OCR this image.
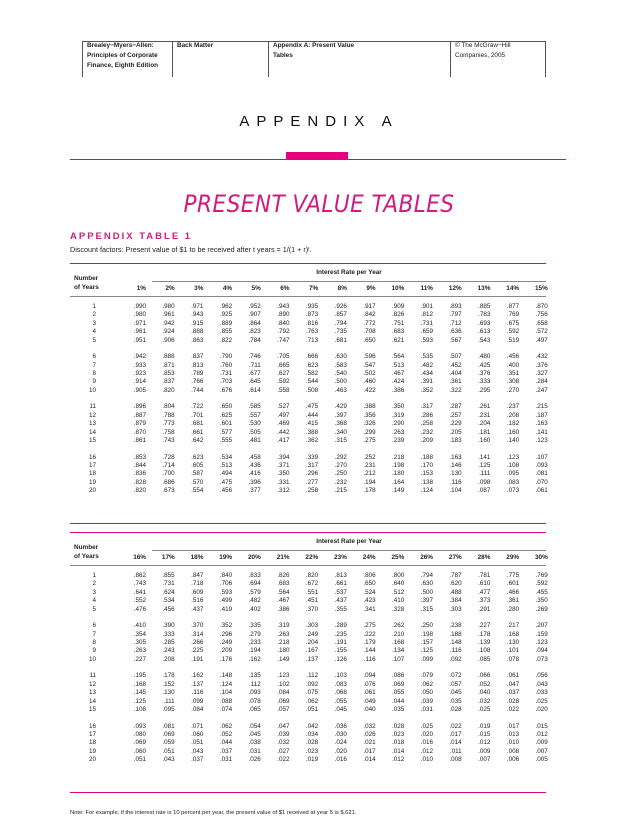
Brealey−Myers−Allen:
Principles of Corporate
Finance, Eighth Edition
Back Matter	Appendix A: Present Value
Tables
© The McGraw−Hill
Companies, 2005
APPENDIX A
PRESENT VALUE TABLES
APPENDIX TABLE 1
Discount factors: Present value of $1 to be received after t years = 1/(1 + r)ᵗ.
Number
of Years
Interest Rate per Year
1%	2%	3%	4%	5%	6%	7%	8%	9%	10%	11%	12%	13%	14%	15%
1	.990	.980	.971	.962	.952	.943	.935	.926	.917	.909	.901	.893	.885	.877	.870
2	.980	.961	.943	.925	.907	.890	.873	.857	.842	.826	.812	.797	.783	.769	.756
3	.971	.942	.915	.889	.864	.840	.816	.794	.772	.751	.731	.712	.693	.675	.658
4	.961	.924	.888	.855	.823	.792	.763	.735	.708	.683	.659	.636	.613	.592	.572
5	.951	.906	.863	.822	.784	.747	.713	.681	.650	.621	.593	.567	.543	.519	.497
6	.942	.888	.837	.790	.746	.705	.666	.630	.596	.564	.535	.507	.480	.456	.432
7	.933	.871	.813	.760	.711	.665	.623	.583	.547	.513	.482	.452	.425	.400	.376
8	.923	.853	.789	.731	.677	.627	.582	.540	.502	.467	.434	.404	.376	.351	.327
9	.914	.837	.766	.703	.645	.592	.544	.500	.460	.424	.391	.361	.333	.308	.284
10	.905	.820	.744	.676	.614	.558	.508	.463	.422	.386	.352	.322	.295	.270	.247
11	.896	.804	.722	.650	.585	.527	.475	.429	.388	.350	.317	.287	.261	.237	.215
12	.887	.788	.701	.625	.557	.497	.444	.397	.356	.319	.286	.257	.231	.208	.187
13	.879	.773	.681	.601	.530	.469	.415	.368	.326	.290	.258	.229	.204	.182	.163
14	.870	.758	.661	.577	.505	.442	.388	.340	.299	.263	.232	.205	.181	.160	.141
15	.861	.743	.642	.555	.481	.417	.362	.315	.275	.239	.209	.183	.160	.140	.123
16	.853	.728	.623	.534	.458	.394	.339	.292	.252	.218	.188	.163	.141	.123	.107
17	.844	.714	.605	.513	.436	.371	.317	.270	.231	.198	.170	.146	.125	.108	.093
18	.836	.700	.587	.494	.416	.350	.296	.250	.212	.180	.153	.130	.111	.095	.081
19	.828	.686	.570	.475	.396	.331	.277	.232	.194	.164	.138	.116	.098	.083	.070
20	.820	.673	.554	.456	.377	.312	.258	.215	.178	.149	.124	.104	.087	.073	.061
Number
of Years
Interest Rate per Year
16%	17%	18%	19%	20%	21%	22%	23%	24%	25%	26%	27%	28%	29%	30%
1	.862	.855	.847	.840	.833	.826	.820	.813	.806	.800	.794	.787	.781	.775	.769
2	.743	.731	.718	.706	.694	.683	.672	.661	.650	.640	.630	.620	.610	.601	.592
3	.641	.624	.609	.593	.579	.564	.551	.537	.524	.512	.500	.488	.477	.466	.455
4	.552	.534	.516	.499	.482	.467	.451	.437	.423	.410	.397	.384	.373	.361	.350
5	.476	.456	.437	.419	.402	.386	.370	.355	.341	.328	.315	.303	.291	.280	.269
6	.410	.390	.370	.352	.335	.319	.303	.289	.275	.262	.250	.238	.227	.217	.207
7	.354	.333	.314	.296	.279	.263	.249	.235	.222	.210	.198	.188	.178	.168	.159
8	.305	.285	.266	.249	.233	.218	.204	.191	.179	.168	.157	.148	.139	.130	.123
9	.263	.243	.225	.209	.194	.180	.167	.155	.144	.134	.125	.116	.108	.101	.094
10	.227	.208	.191	.176	.162	.149	.137	.126	.116	.107	.099	.092	.085	.078	.073
11	.195	.178	.162	.148	.135	.123	.112	.103	.094	.086	.079	.072	.066	.061	.056
12	.168	.152	.137	.124	.112	.102	.092	.083	.076	.069	.062	.057	.052	.047	.043
13	.145	.130	.116	.104	.093	.084	.075	.068	.061	.055	.050	.045	.040	.037	.033
14	.125	.111	.099	.088	.078	.069	.062	.055	.049	.044	.039	.035	.032	.028	.025
15	.108	.095	.084	.074	.065	.057	.051	.045	.040	.035	.031	.028	.025	.022	.020
16	.093	.081	.071	.062	.054	.047	.042	.036	.032	.028	.025	.022	.019	.017	.015
17	.080	.069	.060	.052	.045	.039	.034	.030	.026	.023	.020	.017	.015	.013	.012
18	.069	.059	.051	.044	.038	.032	.028	.024	.021	.018	.016	.014	.012	.010	.009
19	.060	.051	.043	.037	.031	.027	.023	.020	.017	.014	.012	.011	.009	.008	.007
20	.051	.043	.037	.031	.026	.022	.019	.016	.014	.012	.010	.008	.007	.006	.005
Note: For example, if the interest rate is 10 percent per year, the present value of $1 received at year 5 is $.621.
